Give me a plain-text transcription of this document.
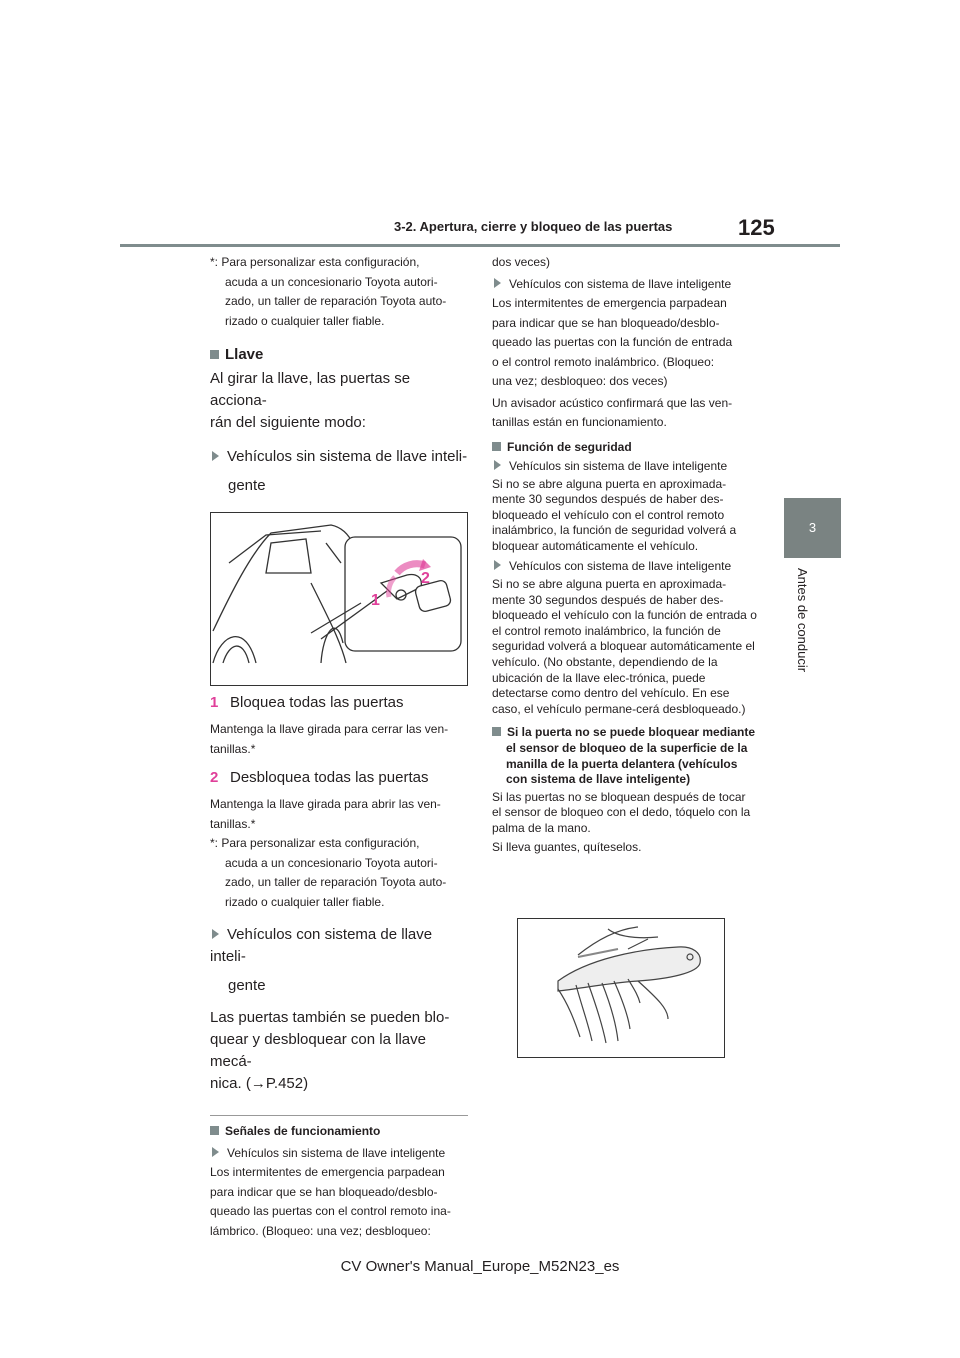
3-2. Apertura, cierre y bloqueo de las puertas	125
3
Antes de conducir

*: Para personalizar esta configuración,

acuda a un concesionario Toyota autori-

zado, un taller de reparación Toyota auto-

rizado o cualquier taller fiable.

Llave

Al girar la llave, las puertas se acciona-

rán del siguiente modo:

Vehículos sin sistema de llave inteli-

gente

2
1

1 Bloquea todas las puertas

Mantenga la llave girada para cerrar las ven-

tanillas.*

2 Desbloquea todas las puertas

Mantenga la llave girada para abrir las ven-

tanillas.*

*: Para personalizar esta configuración,

acuda a un concesionario Toyota autori-

zado, un taller de reparación Toyota auto-

rizado o cualquier taller fiable.

Vehículos con sistema de llave inteli-

gente

Las puertas también se pueden blo-

quear y desbloquear con la llave mecá-

nica. (→P.452)

Señales de funcionamiento

Vehículos sin sistema de llave inteligente

Los intermitentes de emergencia parpadean

para indicar que se han bloqueado/desblo-

queado las puertas con el control remoto ina-

lámbrico. (Bloqueo: una vez; desbloqueo:

dos veces)

Vehículos con sistema de llave inteligente

Los intermitentes de emergencia parpadean

para indicar que se han bloqueado/desblo-

queado las puertas con la función de entrada

o el control remoto inalámbrico. (Bloqueo:

una vez; desbloqueo: dos veces)

Un avisador acústico confirmará que las ven-

tanillas están en funcionamiento.

Función de seguridad

Vehículos sin sistema de llave inteligente

Si no se abre alguna puerta en aproximada-mente 30 segundos después de haber des-bloqueado el vehículo con el control remoto inalámbrico, la función de seguridad volverá a bloquear automáticamente el vehículo.

Vehículos con sistema de llave inteligente

Si no se abre alguna puerta en aproximada-mente 30 segundos después de haber des-bloqueado el vehículo con la función de entrada o el control remoto inalámbrico, la función de seguridad volverá a bloquear automáticamente el vehículo. (No obstante, dependiendo de la ubicación de la llave elec-trónica, puede detectarse como dentro del vehículo. En ese caso, el vehículo permane-cerá desbloqueado.)

Si la puerta no se puede bloquear mediante el sensor de bloqueo de la superficie de la manilla de la puerta delantera (vehículos con sistema de llave inteligente)

Si las puertas no se bloquean después de tocar el sensor de bloqueo con el dedo, tóquelo con la palma de la mano.

Si lleva guantes, quíteselos.

CV Owner's Manual_Europe_M52N23_es
